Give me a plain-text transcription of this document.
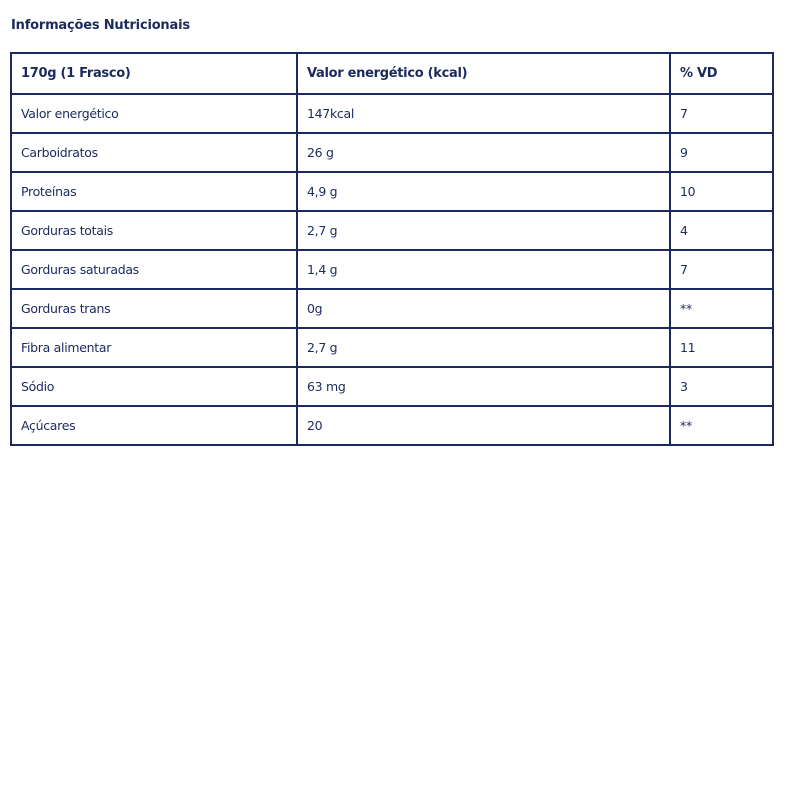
Informações Nutricionais
170g (1 Frasco)	Valor energético (kcal)	% VD
Valor energético	147kcal	7
Carboidratos	26 g	9
Proteínas	4,9 g	10
Gorduras totais	2,7 g	4
Gorduras saturadas	1,4 g	7
Gorduras trans	0g	**
Fibra alimentar	2,7 g	11
Sódio	63 mg	3
Açúcares	20	**
